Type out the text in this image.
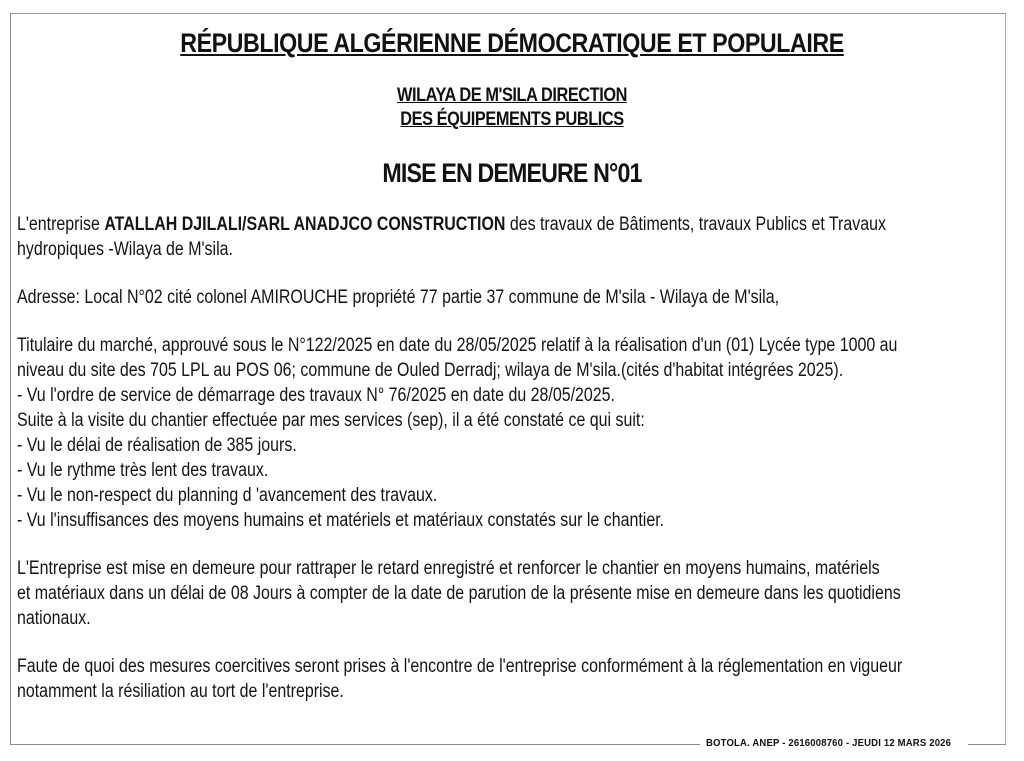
RÉPUBLIQUE ALGÉRIENNE DÉMOCRATIQUE ET POPULAIRE
WILAYA DE M'SILA DIRECTION
DES ÉQUIPEMENTS PUBLICS
MISE EN DEMEURE N°01
L'entreprise ATALLAH DJILALI/SARL ANADJCO CONSTRUCTION des travaux de Bâtiments, travaux Publics et Travaux
hydropiques -Wilaya de M'sila.
Adresse: Local N°02 cité colonel AMIROUCHE propriété 77 partie 37 commune de M'sila - Wilaya de M'sila,
Titulaire du marché, approuvé sous le N°122/2025 en date du 28/05/2025 relatif à la réalisation d'un (01) Lycée type 1000 au
niveau du site des 705 LPL au POS 06; commune de Ouled Derradj; wilaya de M'sila.(cités d'habitat intégrées 2025).
- Vu l'ordre de service de démarrage des travaux N° 76/2025 en date du 28/05/2025.
Suite à la visite du chantier effectuée par mes services (sep), il a été constaté ce qui suit:
- Vu le délai de réalisation de 385 jours.
- Vu le rythme très lent des travaux.
- Vu le non-respect du planning d 'avancement des travaux.
- Vu l'insuffisances des moyens humains et matériels et matériaux constatés sur le chantier.
L'Entreprise est mise en demeure pour rattraper le retard enregistré et renforcer le chantier en moyens humains, matériels
et matériaux dans un délai de 08 Jours à compter de la date de parution de la présente mise en demeure dans les quotidiens
nationaux.
Faute de quoi des mesures coercitives seront prises à l'encontre de l'entreprise conformément à la réglementation en vigueur
notamment la résiliation au tort de l'entreprise.
BOTOLA. ANEP - 2616008760 - JEUDI 12 MARS 2026
